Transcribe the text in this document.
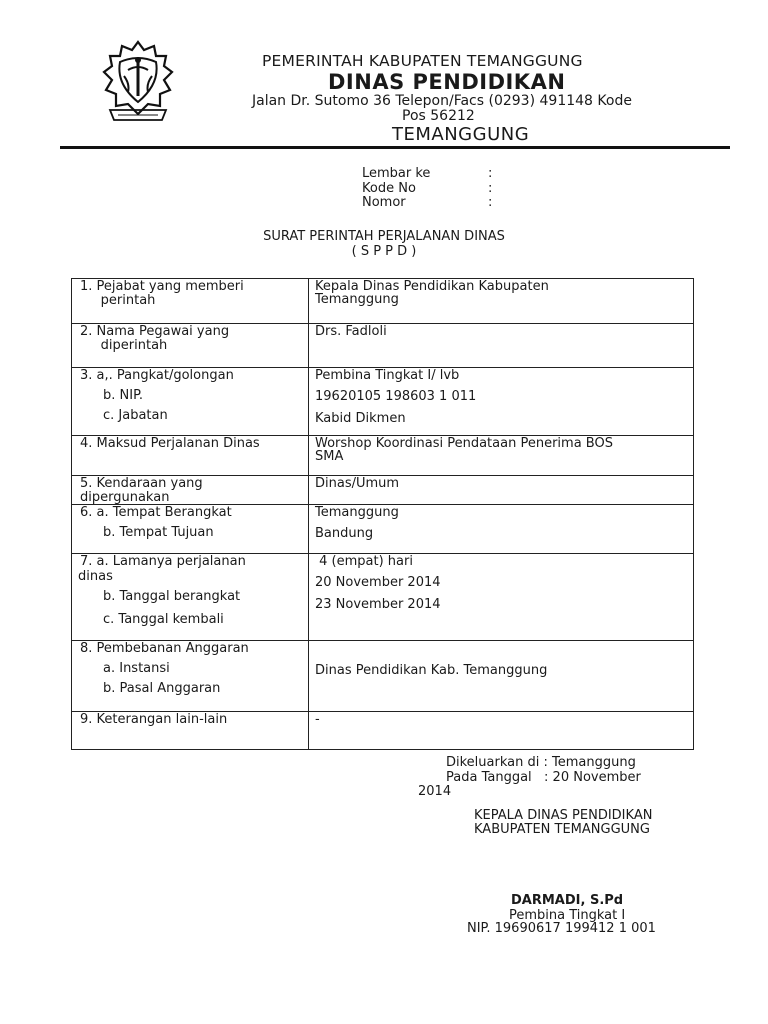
PEMERINTAH KABUPATEN TEMANGGUNG
DINAS PENDIDIKAN
Jalan Dr. Sutomo 36 Telepon/Facs (0293) 491148 Kode
Pos 56212
TEMANGGUNG
Lembar ke	:
Kode No	:
Nomor	:
SURAT PERINTAH PERJALANAN DINAS
( S P P D )
1. Pejabat yang memberi
perintah	Kepala Dinas Pendidikan Kabupaten
Temanggung

2. Nama Pegawai yang
diperintah	Drs. Fadloli

3. a,. Pangkat/golongan
b. NIP.
c. Jabatan	Pembina Tingkat I/ lvb
19620105 198603 1 011
Kabid Dikmen

4. Maksud Perjalanan Dinas	Worshop Koordinasi Pendataan Penerima BOS
SMA

5. Kendaraan yang
dipergunakan	Dinas/Umum

6. a. Tempat Berangkat
b. Tempat Tujuan	Temanggung
Bandung

7. a. Lamanya perjalanan
dinas
b. Tanggal berangkat
c. Tanggal kembali	4 (empat) hari
20 November 2014
23 November 2014

8. Pembebanan Anggaran
a. Instansi
b. Pasal Anggaran	Dinas Pendidikan Kab. Temanggung

9. Keterangan lain-lain	-
Dikeluarkan di : Temanggung
Pada Tanggal   : 20 November
2014
KEPALA DINAS PENDIDIKAN
KABUPATEN TEMANGGUNG
DARMADI, S.Pd
Pembina Tingkat I
NIP. 19690617 199412 1 001
